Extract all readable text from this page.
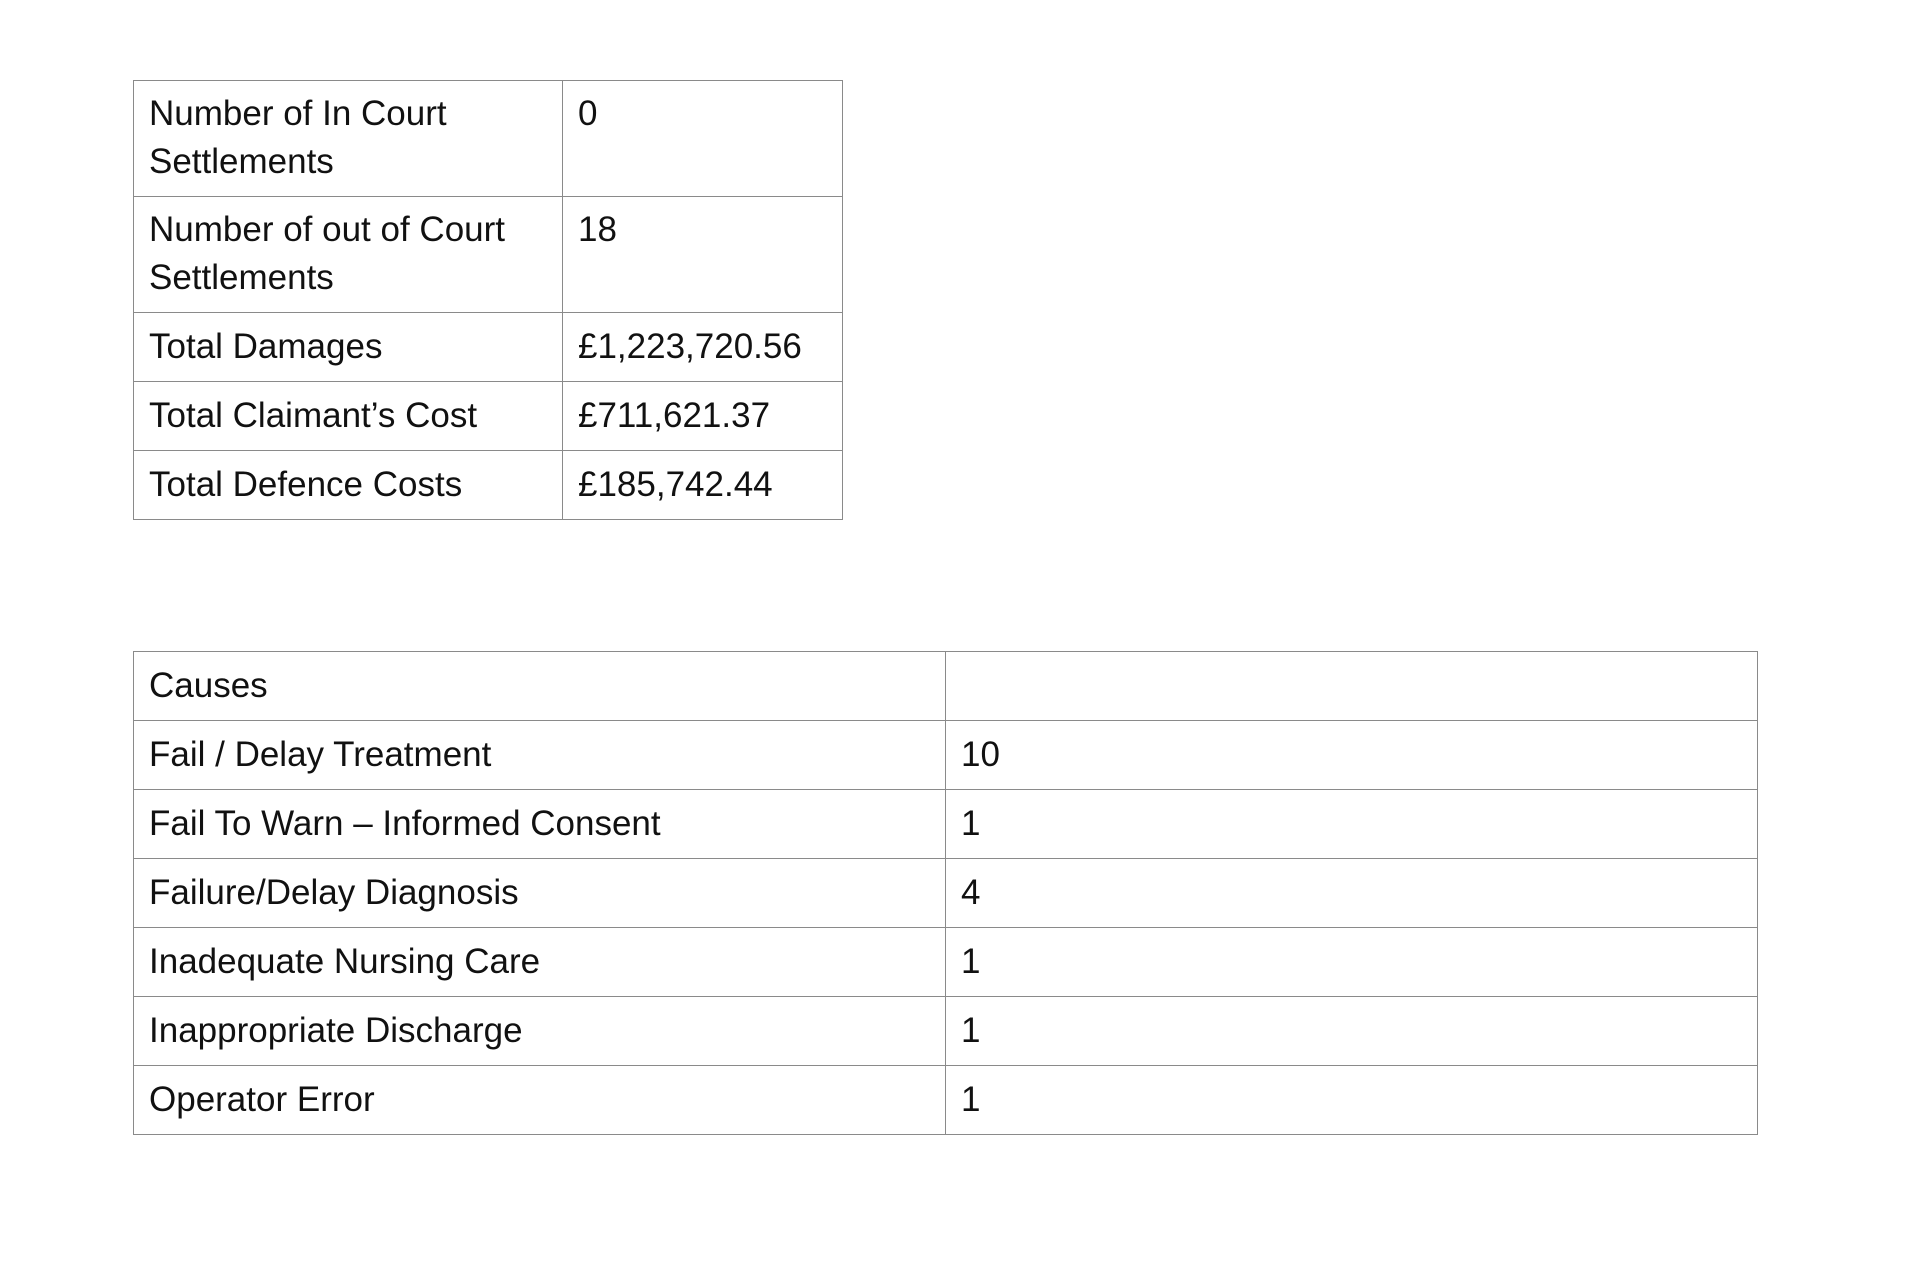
Number of In Court Settlements	0
Number of out of Court Settlements	18
Total Damages	£1,223,720.56
Total Claimant’s Cost	£711,621.37
Total Defence Costs	£185,742.44
Causes	
Fail / Delay Treatment	10
Fail To Warn – Informed Consent	1
Failure/Delay Diagnosis	4
Inadequate Nursing Care	1
Inappropriate Discharge	1
Operator Error	1
